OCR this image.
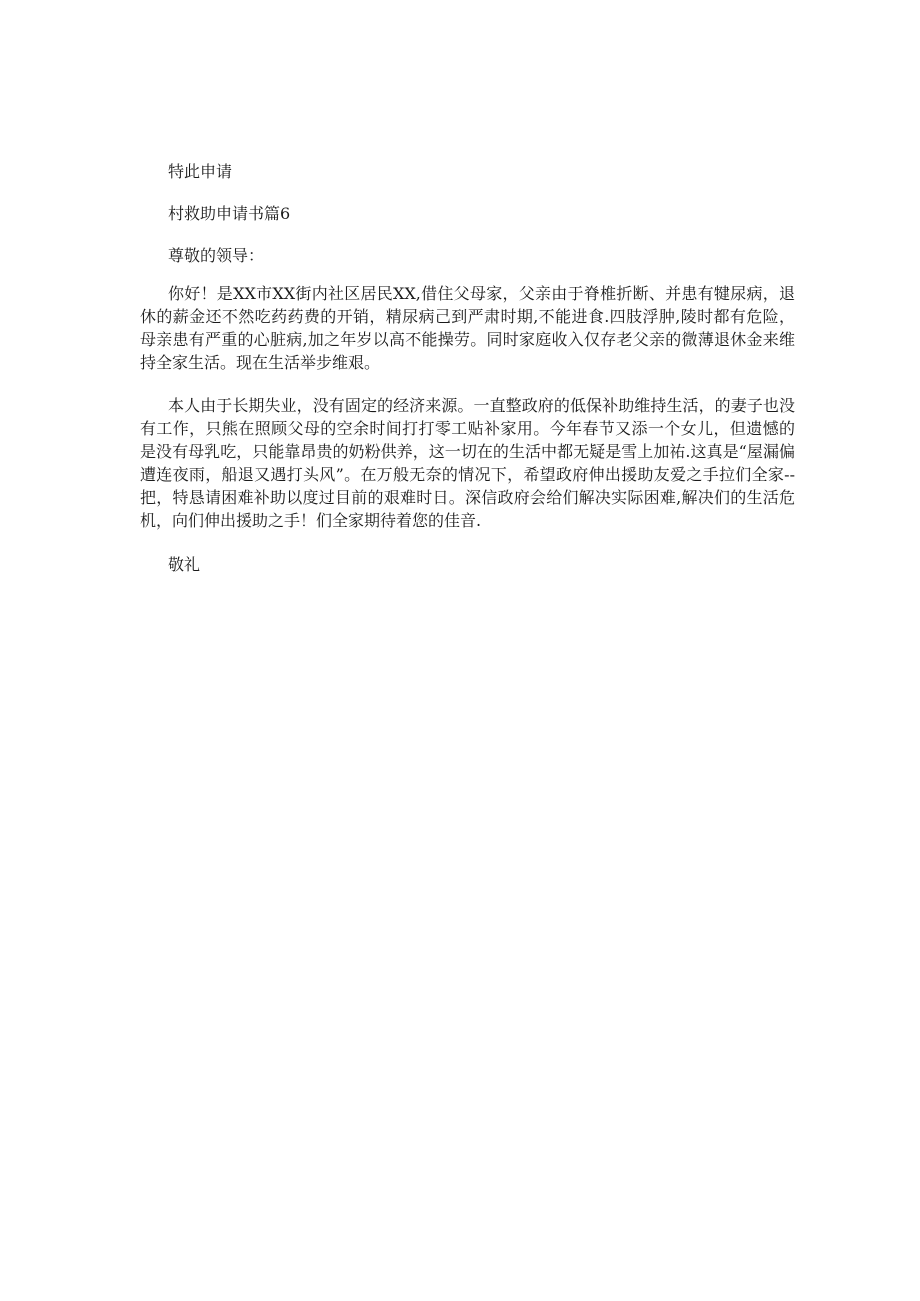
特此申请
村救助申请书篇6
尊敬的领导：

你好！是XX市XX街内社区居民XX,借住父母家，父亲由于脊椎折断、并患有犍尿病，退休的薪金还不然吃药药费的开销，精尿病己到严肃时期,不能进食.四肢浮肿,陵时都有危险，母亲患有严重的心脏病,加之年岁以高不能操劳。同时家庭收入仅存老父亲的微薄退休金来维持全家生活。现在生活举步维艰。

本人由于长期失业，没有固定的经济来源。一直整政府的低保补助维持生活，的妻子也没有工作，只熊在照顾父母的空余时间打打零工贴补家用。今年春节又添一个女儿，但遗憾的是没有母乳吃，只能靠昂贵的奶粉供养，这一切在的生活中都无疑是雪上加祐.这真是“屋漏偏遭连夜雨，船退又遇打头风”。在万般无奈的情况下，希望政府伸出援助友爱之手拉们全家--把，特恳请困难补助以度过目前的艰难时日。深信政府会给们解决实际困难,解决们的生活危机，向们伸出援助之手！们全家期待着您的佳音.

敬礼
